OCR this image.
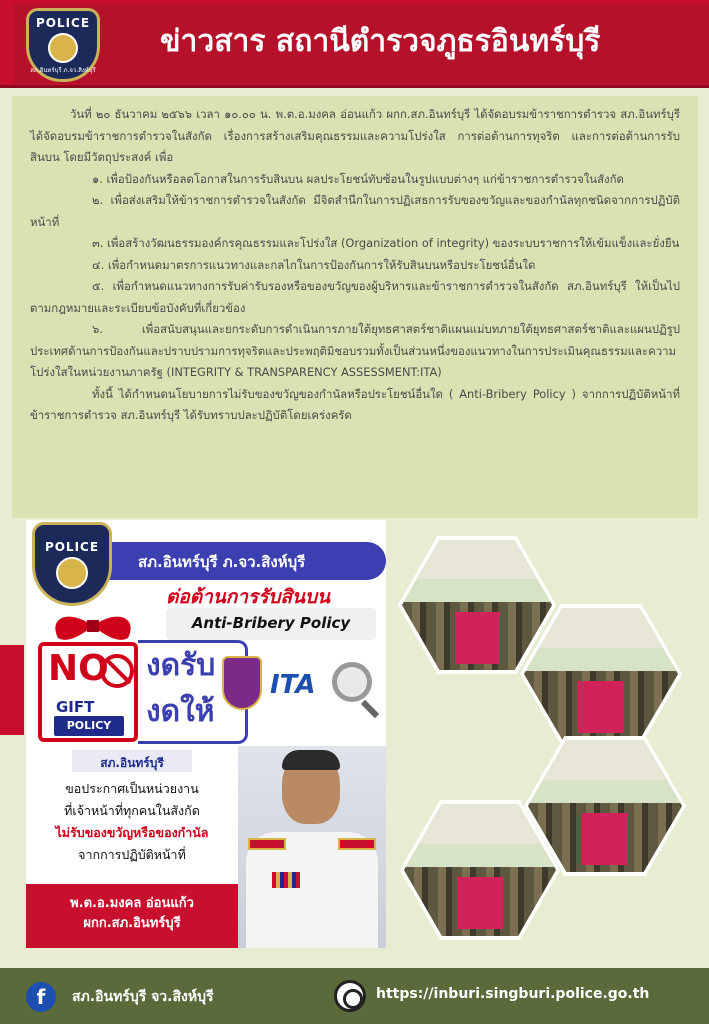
POLICE
สภ.อินทร์บุรี ภ.จว.สิงห์บุรี
ข่าวสาร สถานีตำรวจภูธรอินทร์บุรี

วันที่ ๒๐ ธันวาคม ๒๕๖๖ เวลา ๑๐.๐๐ น. พ.ต.อ.มงคล อ่อนแก้ว ผกก.สภ.อินทร์บุรี ได้จัดอบรมข้าราชการตำรวจ สภ.อินทร์บุรี ได้จัดอบรมข้าราชการตำรวจในสังกัด เรื่องการสร้างเสริมคุณธรรมและความโปร่งใส การต่อต้านการทุจริต และการต่อต้านการรับสินบน โดยมีวัตถุประสงค์ เพื่อ

๑. เพื่อป้องกันหรือลดโอกาสในการรับสินบน ผลประโยชน์ทับซ้อนในรูปแบบต่างๆ แก่ข้าราชการตำรวจในสังกัด

๒. เพื่อส่งเสริมให้ข้าราชการตำรวจในสังกัด มีจิตสำนึกในการปฏิเสธการรับของขวัญและของกำนัลทุกชนิดจากการปฏิบัติหน้าที่

๓. เพื่อสร้างวัฒนธรรมองค์กรคุณธรรมและโปร่งใส (Organization of integrity) ของระบบราชการให้เข้มแข็งและยั่งยืน

๔. เพื่อกำหนดมาตรการแนวทางและกลไกในการป้องกันการให้รับสินบนหรือประโยชน์อื่นใด

๕. เพื่อกำหนดแนวทางการรับค่ารับรองหรือของขวัญของผู้บริหารและข้าราชการตำรวจในสังกัด สภ.อินทร์บุรี ให้เป็นไปตามกฎหมายและระเบียบข้อบังคับที่เกี่ยวข้อง

๖. เพื่อสนับสนุนและยกระดับการดำเนินการภายใต้ยุทธศาสตร์ชาติแผนแม่บทภายใต้ยุทธศาสตร์ชาติและแผนปฏิรูปประเทศด้านการป้องกันและปราบปรามการทุจริตและประพฤติมิชอบรวมทั้งเป็นส่วนหนึ่งของแนวทางในการประเมินคุณธรรมและความโปร่งใสในหน่วยงานภาครัฐ (INTEGRITY & TRANSPARENCY ASSESSMENT:ITA)

ทั้งนี้ ได้กำหนดนโยบายการไม่รับของขวัญของกำนัลหรือประโยชน์อื่นใด ( Anti-Bribery Policy ) จากการปฏิบัติหน้าที่ข้าราชการตำรวจ สภ.อินทร์บุรี ได้รับทราบปละปฏิบัติโดยเคร่งครัด

สภ.อินทร์บุรี ภ.จว.สิงห์บุรี
POLICE
ต่อต้านการรับสินบน
Anti-Bribery Policy
NO
GIFT
POLICY
งดรับ
งดให้
ITA
สภ.อินทร์บุรี
ขอประกาศเป็นหน่วยงาน
ที่เจ้าหน้าที่ทุกคนในสังกัด
ไม่รับของขวัญหรือของกำนัล
จากการปฏิบัติหน้าที่
พ.ต.อ.มงคล อ่อนแก้ว
ผกก.สภ.อินทร์บุรี
f	สภ.อินทร์บุรี จว.สิงห์บุรี	https://inburi.singburi.police.go.th
